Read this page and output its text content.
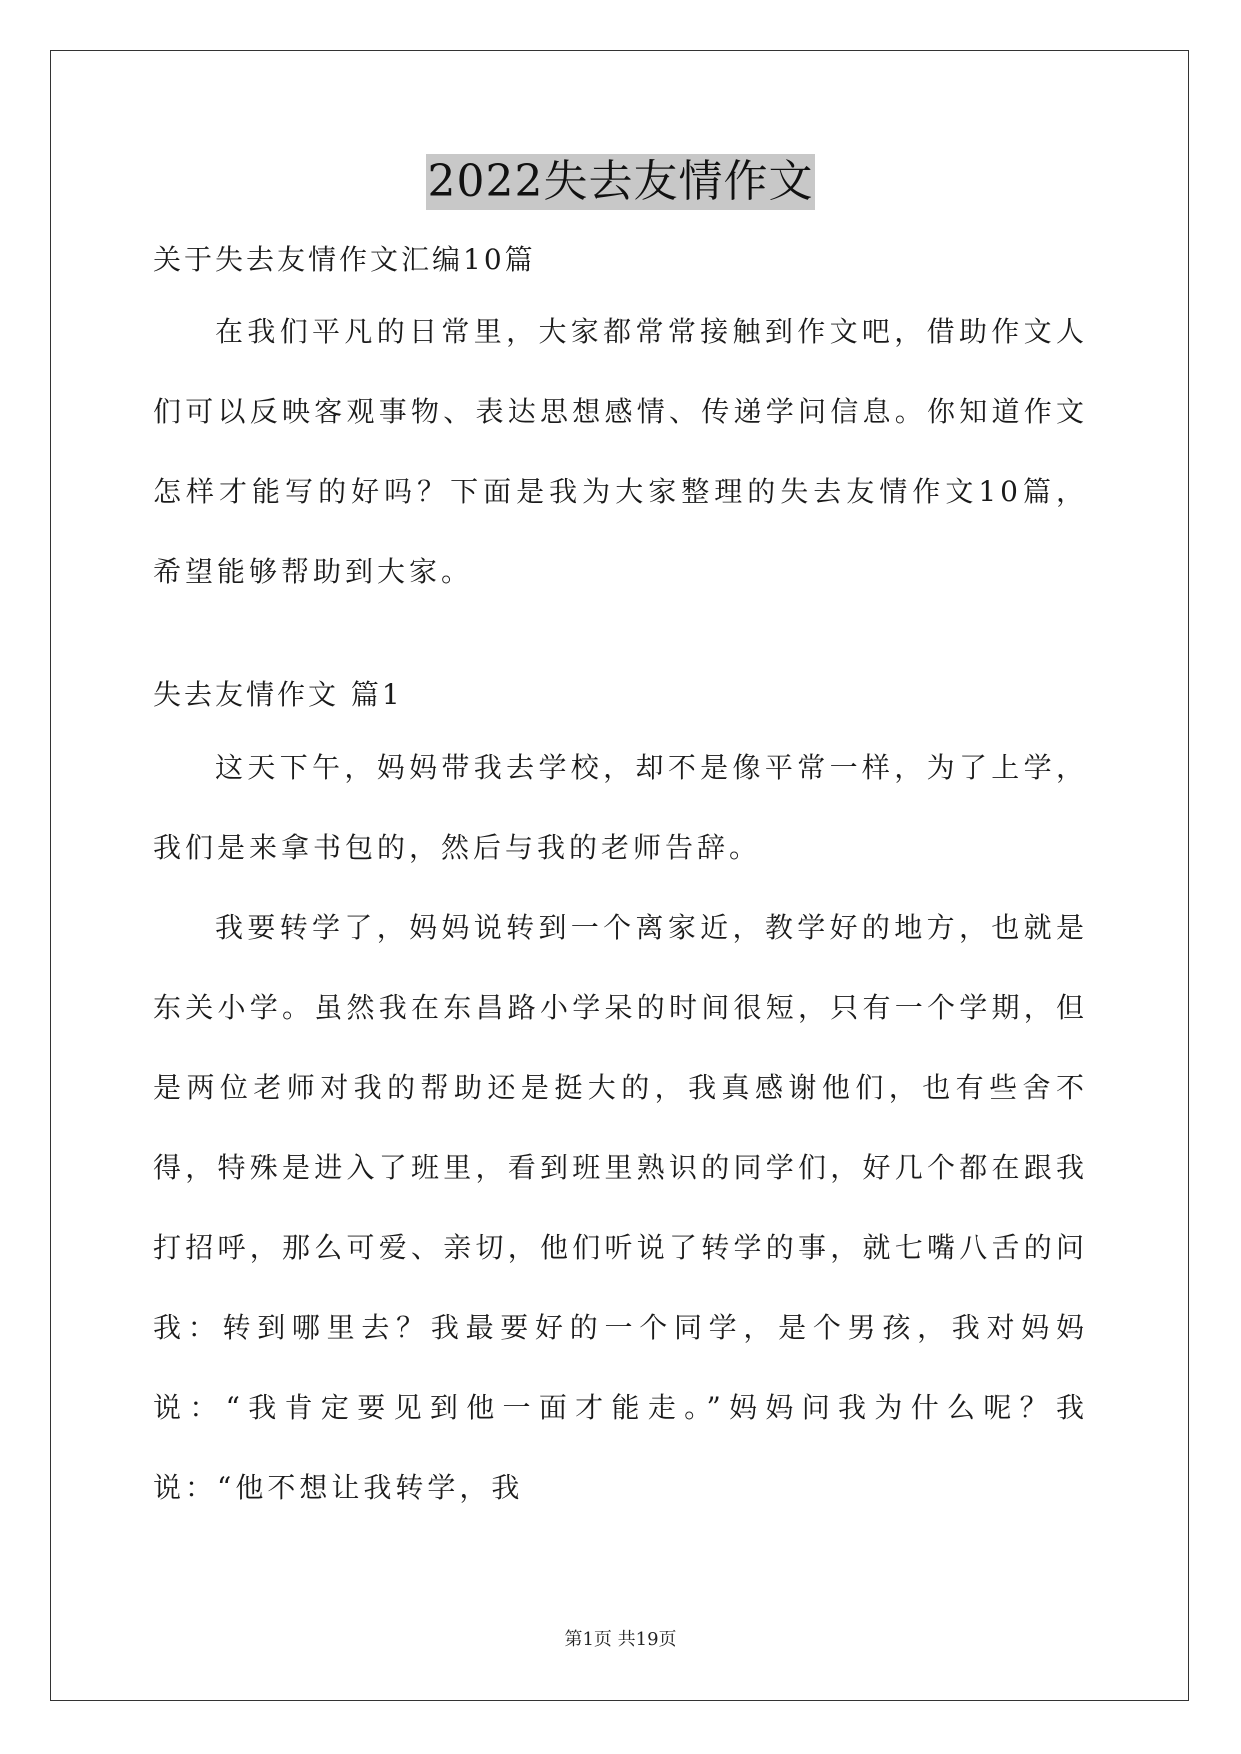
2022失去友情作文
关于失去友情作文汇编10篇
在我们平凡的日常里，大家都常常接触到作文吧，借助作文人们可以反映客观事物、表达思想感情、传递学问信息。你知道作文怎样才能写的好吗？下面是我为大家整理的失去友情作文10篇，希望能够帮助到大家。
失去友情作文 篇1
这天下午，妈妈带我去学校，却不是像平常一样，为了上学，我们是来拿书包的，然后与我的老师告辞。
我要转学了，妈妈说转到一个离家近，教学好的地方，也就是东关小学。虽然我在东昌路小学呆的时间很短，只有一个学期，但是两位老师对我的帮助还是挺大的，我真感谢他们，也有些舍不得，特殊是进入了班里，看到班里熟识的同学们，好几个都在跟我打招呼，那么可爱、亲切，他们听说了转学的事，就七嘴八舌的问我：转到哪里去？我最要好的一个同学，是个男孩，我对妈妈说：“我肯定要见到他一面才能走。”妈妈问我为什么呢？我说：“他不想让我转学，我
第1页 共19页
